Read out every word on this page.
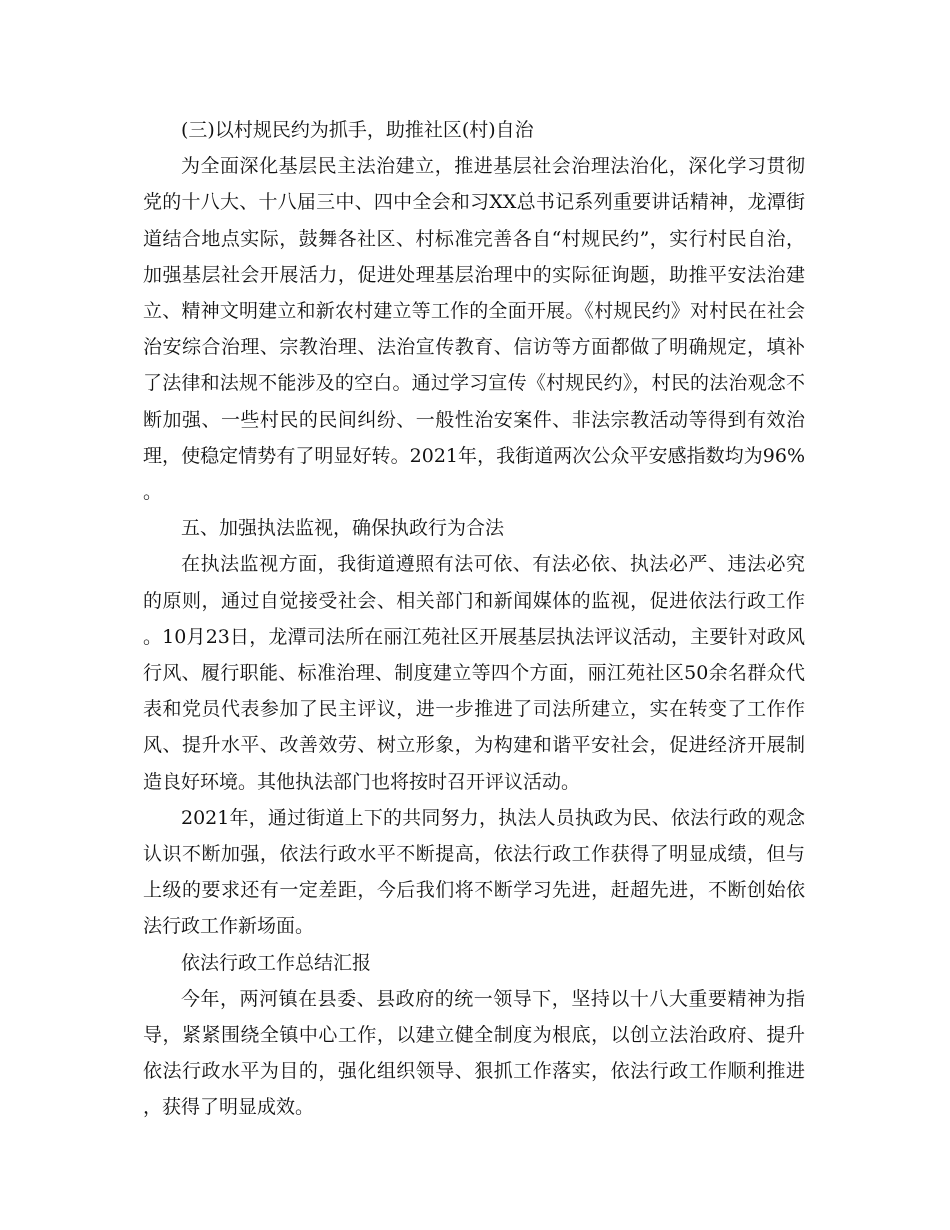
(三)以村规民约为抓手，助推社区(村)自治

为全面深化基层民主法治建立，推进基层社会治理法治化，深化学习贯彻党的十八大、十八届三中、四中全会和习XX总书记系列重要讲话精神，龙潭街道结合地点实际，鼓舞各社区、村标准完善各自“村规民约”，实行村民自治，加强基层社会开展活力，促进处理基层治理中的实际征询题，助推平安法治建立、精神文明建立和新农村建立等工作的全面开展。《村规民约》对村民在社会治安综合治理、宗教治理、法治宣传教育、信访等方面都做了明确规定，填补了法律和法规不能涉及的空白。通过学习宣传《村规民约》，村民的法治观念不断加强、一些村民的民间纠纷、一般性治安案件、非法宗教活动等得到有效治理，使稳定情势有了明显好转。2021年，我街道两次公众平安感指数均为96%。

五、加强执法监视，确保执政行为合法

在执法监视方面，我街道遵照有法可依、有法必依、执法必严、违法必究的原则，通过自觉接受社会、相关部门和新闻媒体的监视，促进依法行政工作。10月23日，龙潭司法所在丽江苑社区开展基层执法评议活动，主要针对政风行风、履行职能、标准治理、制度建立等四个方面，丽江苑社区50余名群众代表和党员代表参加了民主评议，进一步推进了司法所建立，实在转变了工作作风、提升水平、改善效劳、树立形象，为构建和谐平安社会，促进经济开展制造良好环境。其他执法部门也将按时召开评议活动。

2021年，通过街道上下的共同努力，执法人员执政为民、依法行政的观念认识不断加强，依法行政水平不断提高，依法行政工作获得了明显成绩，但与上级的要求还有一定差距，今后我们将不断学习先进，赶超先进，不断创始依法行政工作新场面。

依法行政工作总结汇报

今年，两河镇在县委、县政府的统一领导下，坚持以十八大重要精神为指导，紧紧围绕全镇中心工作，以建立健全制度为根底，以创立法治政府、提升依法行政水平为目的，强化组织领导、狠抓工作落实，依法行政工作顺利推进，获得了明显成效。
